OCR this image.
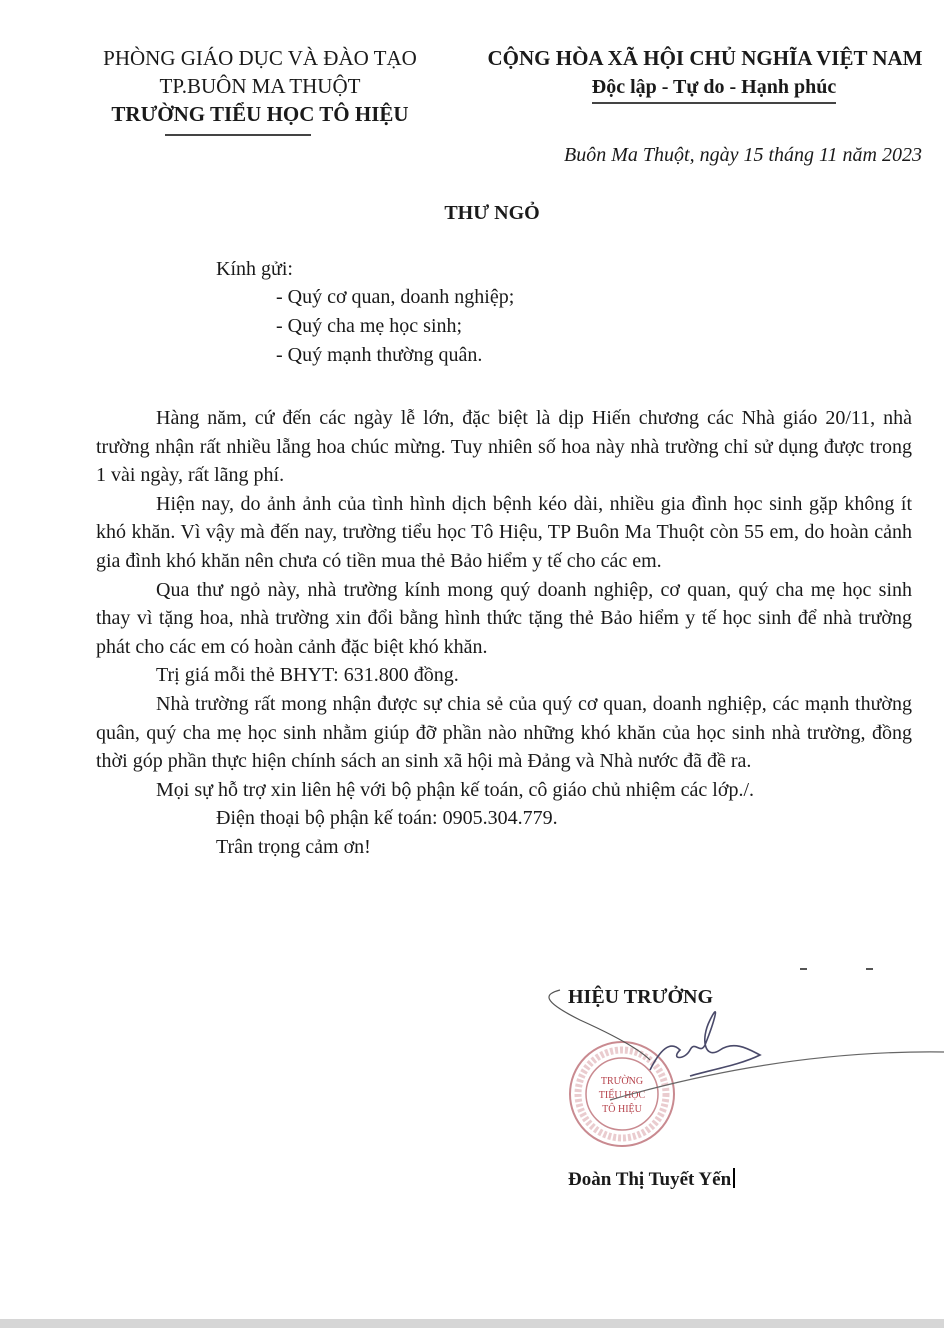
PHÒNG GIÁO DỤC VÀ ĐÀO TẠO
TP.BUÔN MA THUỘT
TRƯỜNG TIỂU HỌC TÔ HIỆU
CỘNG HÒA XÃ HỘI CHỦ NGHĨA VIỆT NAM
Độc lập - Tự do - Hạnh phúc
Buôn Ma Thuột, ngày 15 tháng 11 năm 2023
THƯ NGỎ
Kính gửi:
- Quý cơ quan, doanh nghiệp;
- Quý cha mẹ học sinh;
- Quý mạnh thường quân.

Hàng năm, cứ đến các ngày lễ lớn, đặc biệt là dịp Hiến chương các Nhà giáo 20/11, nhà trường nhận rất nhiều lẵng hoa chúc mừng. Tuy nhiên số hoa này nhà trường chỉ sử dụng được trong 1 vài ngày, rất lãng phí.

Hiện nay, do ảnh ảnh của tình hình dịch bệnh kéo dài, nhiều gia đình học sinh gặp không ít khó khăn. Vì vậy mà đến nay, trường tiểu học Tô Hiệu, TP Buôn Ma Thuột còn 55 em, do hoàn cảnh gia đình khó khăn nên chưa có tiền mua thẻ Bảo hiểm y tế cho các em.

Qua thư ngỏ này, nhà trường kính mong quý doanh nghiệp, cơ quan, quý cha mẹ học sinh thay vì tặng hoa, nhà trường xin đổi bằng hình thức tặng thẻ Bảo hiểm y tế học sinh để nhà trường phát cho các em có hoàn cảnh đặc biệt khó khăn.

Trị giá mỗi thẻ BHYT: 631.800 đồng.

Nhà trường rất mong nhận được sự chia sẻ của quý cơ quan, doanh nghiệp, các mạnh thường quân, quý cha mẹ học sinh nhằm giúp đỡ phần nào những khó khăn của học sinh nhà trường, đồng thời góp phần thực hiện chính sách an sinh xã hội mà Đảng và Nhà nước đã đề ra.

Mọi sự hỗ trợ xin liên hệ với bộ phận kế toán, cô giáo chủ nhiệm các lớp./.

Điện thoại bộ phận kế toán: 0905.304.779.

Trân trọng cảm ơn!

HIỆU TRƯỞNG
TRƯỜNG
TIỂU HỌC
TÔ HIỆU
Đoàn Thị Tuyết Yến
